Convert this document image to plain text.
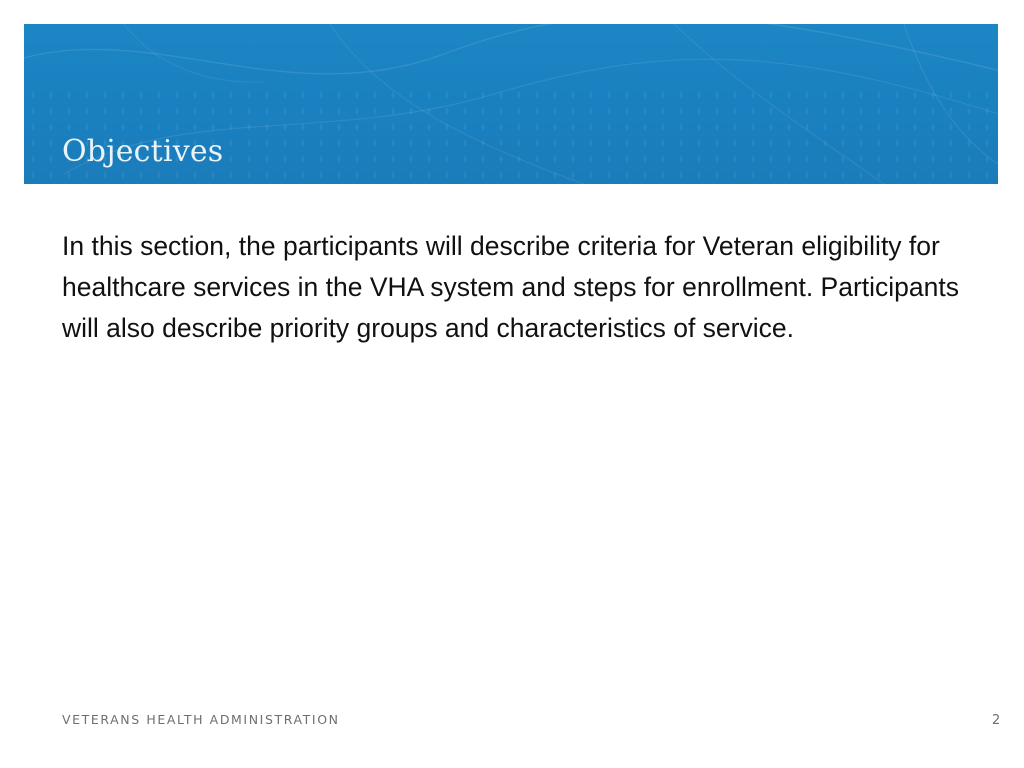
Objectives

In this section, the participants will describe criteria for Veteran eligibility for healthcare services in the VHA system and steps for enrollment. Participants will also describe priority groups and characteristics of service.

VETERANS HEALTH ADMINISTRATION	2
